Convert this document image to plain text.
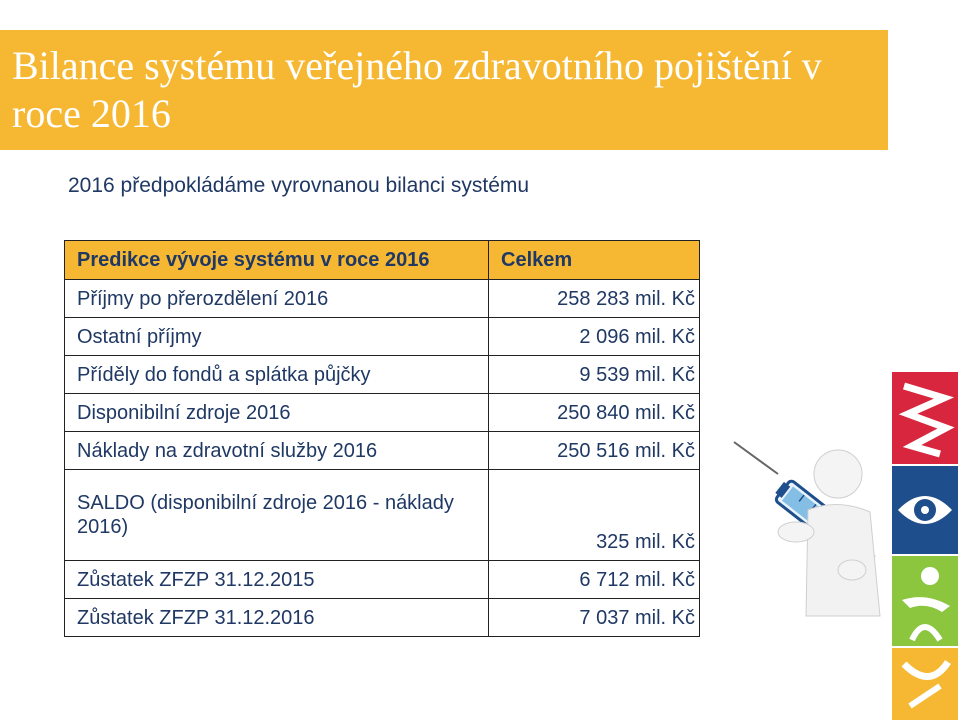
Bilance systému veřejného zdravotního pojištění v roce 2016
2016 předpokládáme vyrovnanou bilanci systému
Predikce vývoje systému v roce 2016	Celkem
Příjmy po přerozdělení 2016	258 283 mil. Kč
Ostatní příjmy	2 096 mil. Kč
Příděly do fondů a splátka půjčky	9 539 mil. Kč
Disponibilní zdroje 2016	250 840 mil. Kč
Náklady na zdravotní služby 2016	250 516 mil. Kč
SALDO (disponibilní zdroje 2016 - náklady 2016)	325 mil. Kč
Zůstatek ZFZP 31.12.2015	6 712 mil. Kč
Zůstatek ZFZP 31.12.2016	7 037 mil. Kč
